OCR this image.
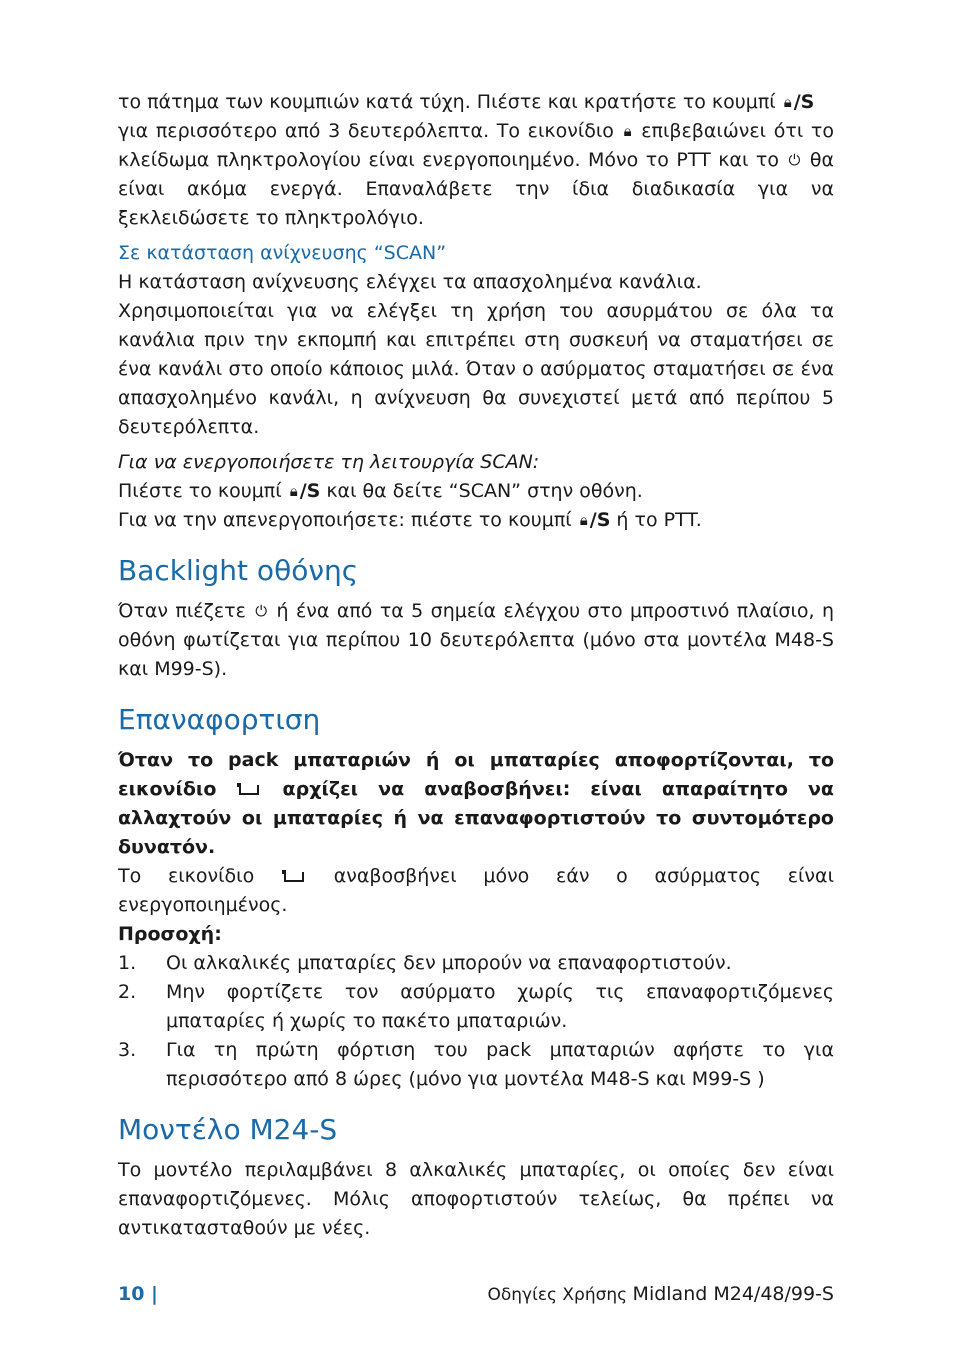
το πάτημα των κουμπιών κατά τύχη. Πιέστε και κρατήστε το κουμπί 🔒︎ /S
για περισσότερο από 3 δευτερόλεπτα. Το εικονίδιο 🔒︎ επιβεβαιώνει ότι το κλείδωμα πληκτρολογίου είναι ενεργοποιημένο. Μόνο το PTT και το ⏻ θα είναι ακόμα ενεργά. Επαναλάβετε την ίδια διαδικασία για να ξεκλειδώσετε το πληκτρολόγιο.

Σε κατάσταση ανίχνευσης “SCAN”

Η κατάσταση ανίχνευσης ελέγχει τα απασχολημένα κανάλια.

Χρησιμοποιείται για να ελέγξει τη χρήση του ασυρμάτου σε όλα τα κανάλια πριν την εκπομπή και επιτρέπει στη συσκευή να σταματήσει σε ένα κανάλι στο οποίο κάποιος μιλά. Όταν ο ασύρματος σταματήσει σε ένα απασχολημένο κανάλι, η ανίχνευση θα συνεχιστεί μετά από περίπου 5 δευτερόλεπτα.

Για να ενεργοποιήσετε τη λειτουργία SCAN:

Πιέστε το κουμπί 🔒︎ /S και θα δείτε “SCAN” στην οθόνη.

Για να την απενεργοποιήσετε: πιέστε το κουμπί 🔒︎ /S ή το PTT.

Backlight οθόνης

Όταν πιέζετε ⏻ ή ένα από τα 5 σημεία ελέγχου στο μπροστινό πλαίσιο, η οθόνη φωτίζεται για περίπου 10 δευτερόλεπτα (μόνο στα μοντέλα M48-S και M99-S).

Επαναφορτιση

Όταν το pack μπαταριών ή οι μπαταρίες αποφορτίζονται, το εικονίδιο  αρχίζει να αναβοσβήνει: είναι απαραίτητο να αλλαχτούν οι μπαταρίες ή να επαναφορτιστούν το συντομότερο δυνατόν.

Το εικονίδιο  αναβοσβήνει μόνο εάν ο ασύρματος είναι ενεργοποιημένος.

Προσοχή:

1. Οι αλκαλικές μπαταρίες δεν μπορούν να επαναφορτιστούν.
2. Μην φορτίζετε τον ασύρματο χωρίς τις επαναφορτιζόμενες μπαταρίες ή χωρίς το πακέτο μπαταριών.
3. Για τη πρώτη φόρτιση του pack μπαταριών αφήστε το για περισσότερο από 8 ώρες (μόνο για μοντέλα M48-S και M99-S )
Μοντέλο M24-S

Το μοντέλο περιλαμβάνει 8 αλκαλικές μπαταρίες, οι οποίες δεν είναι επαναφορτιζόμενες. Μόλις αποφορτιστούν τελείως, θα πρέπει να αντικατασταθούν με νέες.

10 |	Οδηγίες Χρήσης Midland M24/48/99-S
